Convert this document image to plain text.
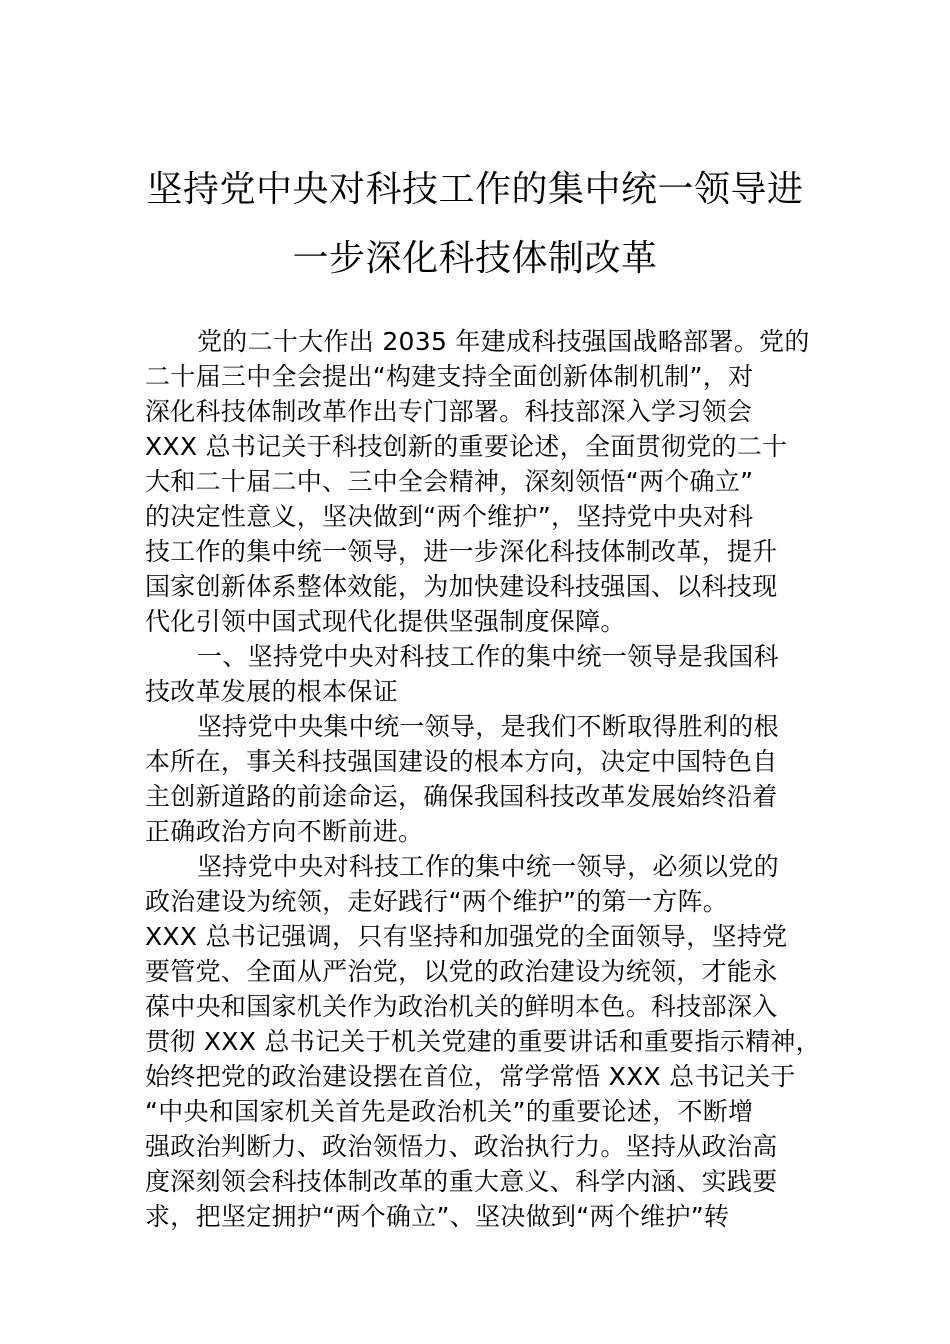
坚持党中央对科技工作的集中统一领导进
一步深化科技体制改革
党的二十大作出 2035 年建成科技强国战略部署。党的
二十届三中全会提出“构建支持全面创新体制机制”，对
深化科技体制改革作出专门部署。科技部深入学习领会
XXX 总书记关于科技创新的重要论述，全面贯彻党的二十
大和二十届二中、三中全会精神，深刻领悟“两个确立”
的决定性意义，坚决做到“两个维护”，坚持党中央对科
技工作的集中统一领导，进一步深化科技体制改革，提升
国家创新体系整体效能，为加快建设科技强国、以科技现
代化引领中国式现代化提供坚强制度保障。
一、坚持党中央对科技工作的集中统一领导是我国科
技改革发展的根本保证
坚持党中央集中统一领导，是我们不断取得胜利的根
本所在，事关科技强国建设的根本方向，决定中国特色自
主创新道路的前途命运，确保我国科技改革发展始终沿着
正确政治方向不断前进。
坚持党中央对科技工作的集中统一领导，必须以党的
政治建设为统领，走好践行“两个维护”的第一方阵。
XXX 总书记强调，只有坚持和加强党的全面领导，坚持党
要管党、全面从严治党，以党的政治建设为统领，才能永
葆中央和国家机关作为政治机关的鲜明本色。科技部深入
贯彻 XXX 总书记关于机关党建的重要讲话和重要指示精神，
始终把党的政治建设摆在首位，常学常悟 XXX 总书记关于
“中央和国家机关首先是政治机关”的重要论述，不断增
强政治判断力、政治领悟力、政治执行力。坚持从政治高
度深刻领会科技体制改革的重大意义、科学内涵、实践要
求，把坚定拥护“两个确立”、坚决做到“两个维护”转
